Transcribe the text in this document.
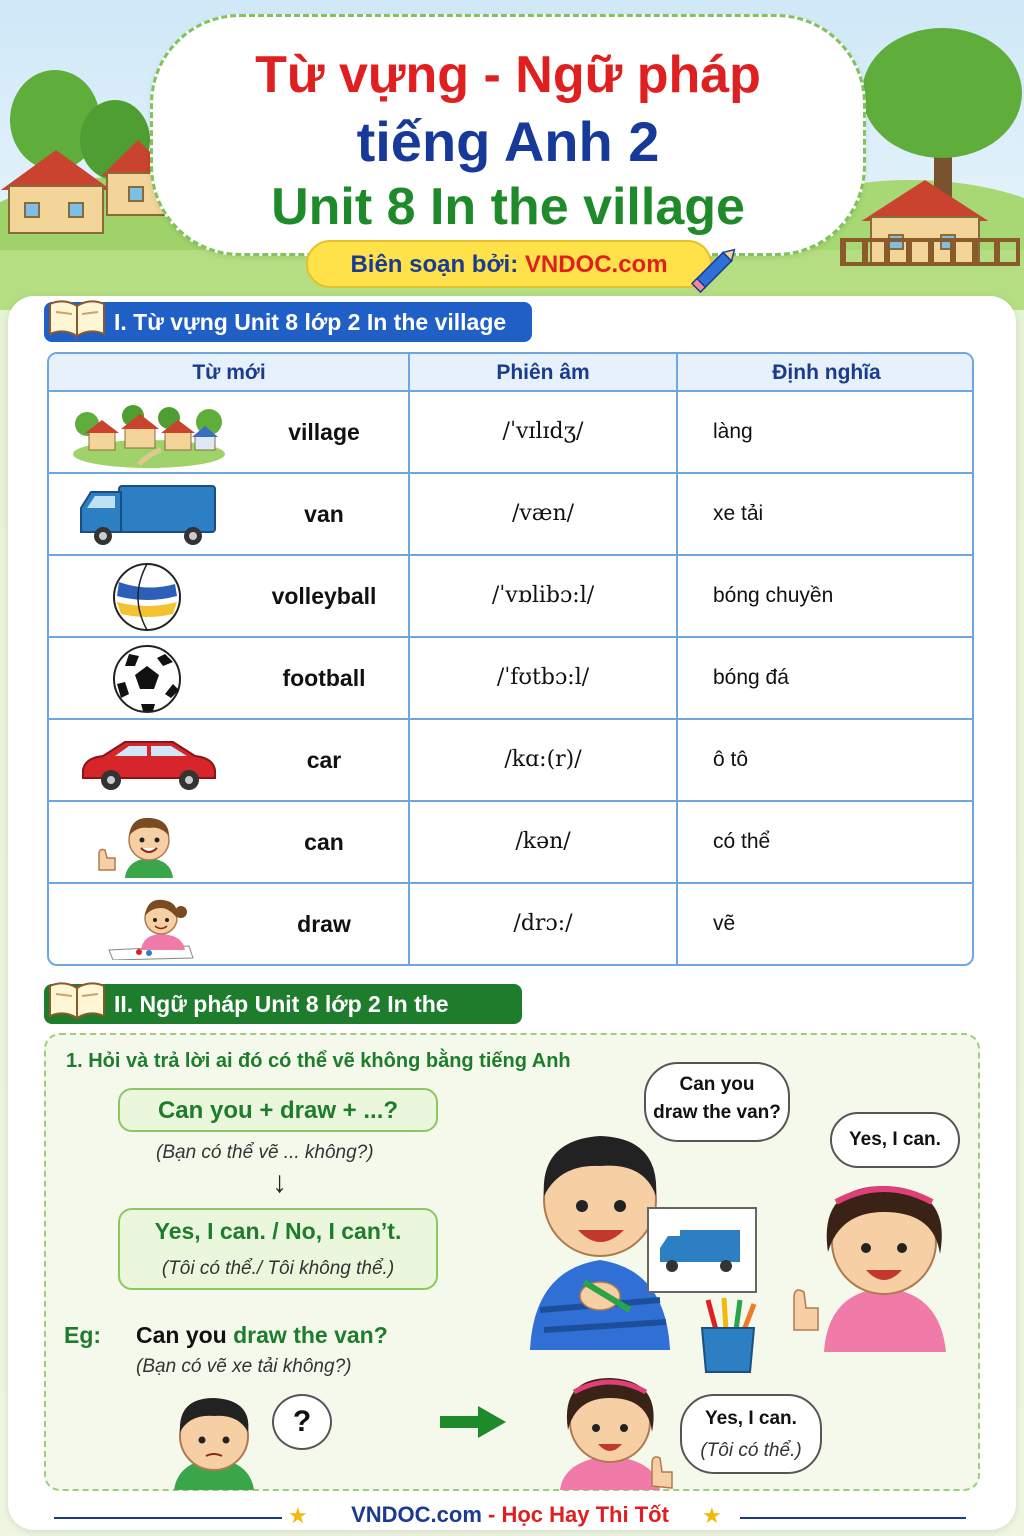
Từ vựng - Ngữ pháp
tiếng Anh 2
Unit 8 In the village
Biên soạn bởi: VNDOC.com
I. Từ vựng Unit 8 lớp 2 In the village
Từ mới	Phiên âm	Định nghĩa
village	/ˈvɪlɪdʒ/	làng
van	/væn/	xe tải
volleyball	/ˈvɒlibɔ:l/	bóng chuyền
football	/ˈfʊtbɔ:l/	bóng đá
car	/kɑ:(r)/	ô tô
can	/kən/	có thể
draw	/drɔ:/	vẽ
II. Ngữ pháp Unit 8 lớp 2 In the
1. Hỏi và trả lời ai đó có thể vẽ không bằng tiếng Anh
Can you + draw + ...?
(Bạn có thể vẽ ... không?)
↓
Yes, I can. / No, I can’t.
(Tôi có thể./ Tôi không thể.)
Eg: Can you draw the van?
(Bạn có vẽ xe tải không?)
?
Can you
draw the van?
Yes, I can.
Yes, I can.
(Tôi có thể.)
★	★
VNDOC.com - Học Hay Thi Tốt
